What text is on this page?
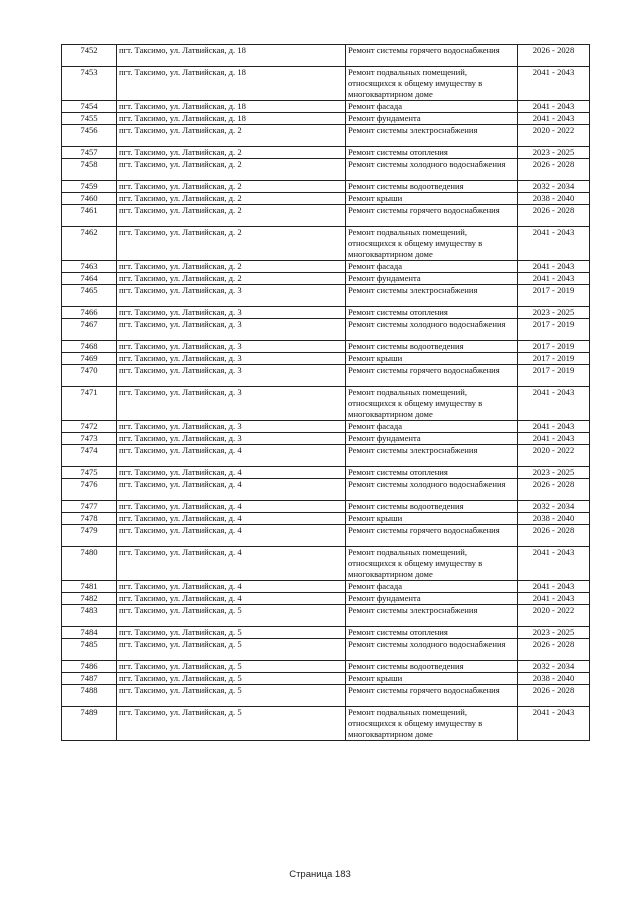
7452	пгт. Таксимо, ул. Латвийская, д. 18	Ремонт системы горячего водоснабжения	2026 - 2028
7453	пгт. Таксимо, ул. Латвийская, д. 18	Ремонт подвальных помещений, относящихся к общему имуществу в многоквартирном доме	2041 - 2043
7454	пгт. Таксимо, ул. Латвийская, д. 18	Ремонт фасада	2041 - 2043
7455	пгт. Таксимо, ул. Латвийская, д. 18	Ремонт фундамента	2041 - 2043
7456	пгт. Таксимо, ул. Латвийская, д. 2	Ремонт системы электроснабжения	2020 - 2022
7457	пгт. Таксимо, ул. Латвийская, д. 2	Ремонт системы отопления	2023 - 2025
7458	пгт. Таксимо, ул. Латвийская, д. 2	Ремонт системы холодного водоснабжения	2026 - 2028
7459	пгт. Таксимо, ул. Латвийская, д. 2	Ремонт системы водоотведения	2032 - 2034
7460	пгт. Таксимо, ул. Латвийская, д. 2	Ремонт крыши	2038 - 2040
7461	пгт. Таксимо, ул. Латвийская, д. 2	Ремонт системы горячего водоснабжения	2026 - 2028
7462	пгт. Таксимо, ул. Латвийская, д. 2	Ремонт подвальных помещений, относящихся к общему имуществу в многоквартирном доме	2041 - 2043
7463	пгт. Таксимо, ул. Латвийская, д. 2	Ремонт фасада	2041 - 2043
7464	пгт. Таксимо, ул. Латвийская, д. 2	Ремонт фундамента	2041 - 2043
7465	пгт. Таксимо, ул. Латвийская, д. 3	Ремонт системы электроснабжения	2017 - 2019
7466	пгт. Таксимо, ул. Латвийская, д. 3	Ремонт системы отопления	2023 - 2025
7467	пгт. Таксимо, ул. Латвийская, д. 3	Ремонт системы холодного водоснабжения	2017 - 2019
7468	пгт. Таксимо, ул. Латвийская, д. 3	Ремонт системы водоотведения	2017 - 2019
7469	пгт. Таксимо, ул. Латвийская, д. 3	Ремонт крыши	2017 - 2019
7470	пгт. Таксимо, ул. Латвийская, д. 3	Ремонт системы горячего водоснабжения	2017 - 2019
7471	пгт. Таксимо, ул. Латвийская, д. 3	Ремонт подвальных помещений, относящихся к общему имуществу в многоквартирном доме	2041 - 2043
7472	пгт. Таксимо, ул. Латвийская, д. 3	Ремонт фасада	2041 - 2043
7473	пгт. Таксимо, ул. Латвийская, д. 3	Ремонт фундамента	2041 - 2043
7474	пгт. Таксимо, ул. Латвийская, д. 4	Ремонт системы электроснабжения	2020 - 2022
7475	пгт. Таксимо, ул. Латвийская, д. 4	Ремонт системы отопления	2023 - 2025
7476	пгт. Таксимо, ул. Латвийская, д. 4	Ремонт системы холодного водоснабжения	2026 - 2028
7477	пгт. Таксимо, ул. Латвийская, д. 4	Ремонт системы водоотведения	2032 - 2034
7478	пгт. Таксимо, ул. Латвийская, д. 4	Ремонт крыши	2038 - 2040
7479	пгт. Таксимо, ул. Латвийская, д. 4	Ремонт системы горячего водоснабжения	2026 - 2028
7480	пгт. Таксимо, ул. Латвийская, д. 4	Ремонт подвальных помещений, относящихся к общему имуществу в многоквартирном доме	2041 - 2043
7481	пгт. Таксимо, ул. Латвийская, д. 4	Ремонт фасада	2041 - 2043
7482	пгт. Таксимо, ул. Латвийская, д. 4	Ремонт фундамента	2041 - 2043
7483	пгт. Таксимо, ул. Латвийская, д. 5	Ремонт системы электроснабжения	2020 - 2022
7484	пгт. Таксимо, ул. Латвийская, д. 5	Ремонт системы отопления	2023 - 2025
7485	пгт. Таксимо, ул. Латвийская, д. 5	Ремонт системы холодного водоснабжения	2026 - 2028
7486	пгт. Таксимо, ул. Латвийская, д. 5	Ремонт системы водоотведения	2032 - 2034
7487	пгт. Таксимо, ул. Латвийская, д. 5	Ремонт крыши	2038 - 2040
7488	пгт. Таксимо, ул. Латвийская, д. 5	Ремонт системы горячего водоснабжения	2026 - 2028
7489	пгт. Таксимо, ул. Латвийская, д. 5	Ремонт подвальных помещений, относящихся к общему имуществу в многоквартирном доме	2041 - 2043
Страница 183
